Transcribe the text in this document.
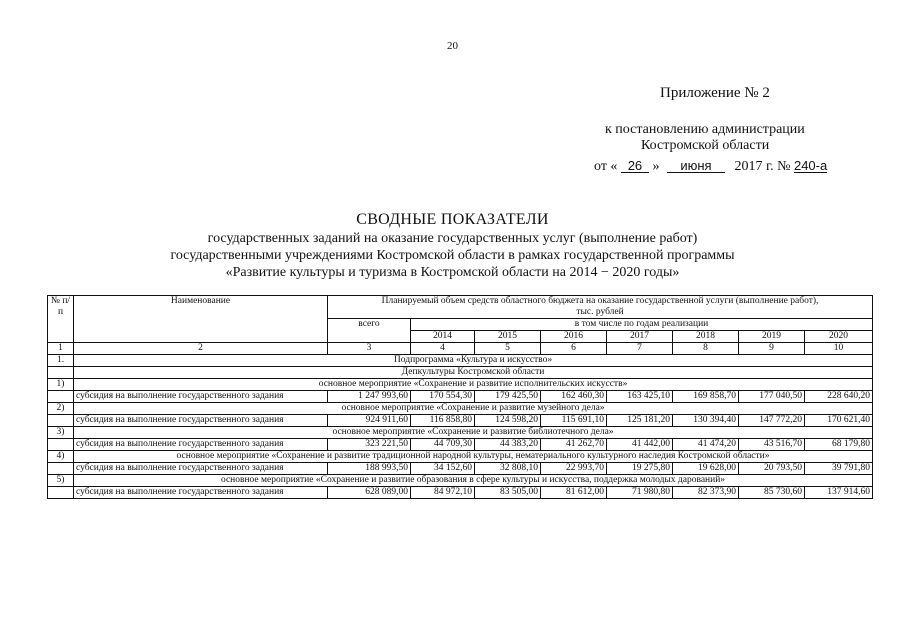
20
Приложение № 2
к постановлению администрации
Костромской области
от « 26 » июня 2017 г. № 240-а
СВОДНЫЕ ПОКАЗАТЕЛИ
государственных заданий на оказание государственных услуг (выполнение работ)
государственными учреждениями Костромской области в рамках государственной программы
«Развитие культуры и туризма в Костромской области на 2014 − 2020 годы»
№ п/п	Наименование	Планируемый объем средств областного бюджета на оказание государственной услуги (выполнение работ),
тыс. рублей							
		всего	в том числе по годам реализации						
			2014	2015	2016	2017	2018	2019	2020
1	2	3	4	5	6	7	8	9	10
1.	Подпрограмма «Культура и искусство»								
	Депкультуры Костромской области								
1)	основное мероприятие «Сохранение и развитие исполнительских искусств»								
	субсидия на выполнение государственного задания	1 247 993,60	170 554,30	179 425,50	162 460,30	163 425,10	169 858,70	177 040,50	228 640,20
2)	основное мероприятие «Сохранение и развитие музейного дела»								
	субсидия на выполнение государственного задания	924 911,60	116 858,80	124 598,20	115 691,10	125 181,20	130 394,40	147 772,20	170 621,40
3)	основное мероприятие «Сохранение и развитие библиотечного дела»								
	субсидия на выполнение государственного задания	323 221,50	44 709,30	44 383,20	41 262,70	41 442,00	41 474,20	43 516,70	68 179,80
4)	основное мероприятие «Сохранение и развитие традиционной народной культуры, нематериального культурного наследия Костромской области»								
	субсидия на выполнение государственного задания	188 993,50	34 152,60	32 808,10	22 993,70	19 275,80	19 628,00	20 793,50	39 791,80
5)	основное мероприятие «Сохранение и развитие образования в сфере культуры и искусства, поддержка молодых дарований»								
	субсидия на выполнение государственного задания	628 089,00	84 972,10	83 505,00	81 612,00	71 980,80	82 373,90	85 730,60	137 914,60
